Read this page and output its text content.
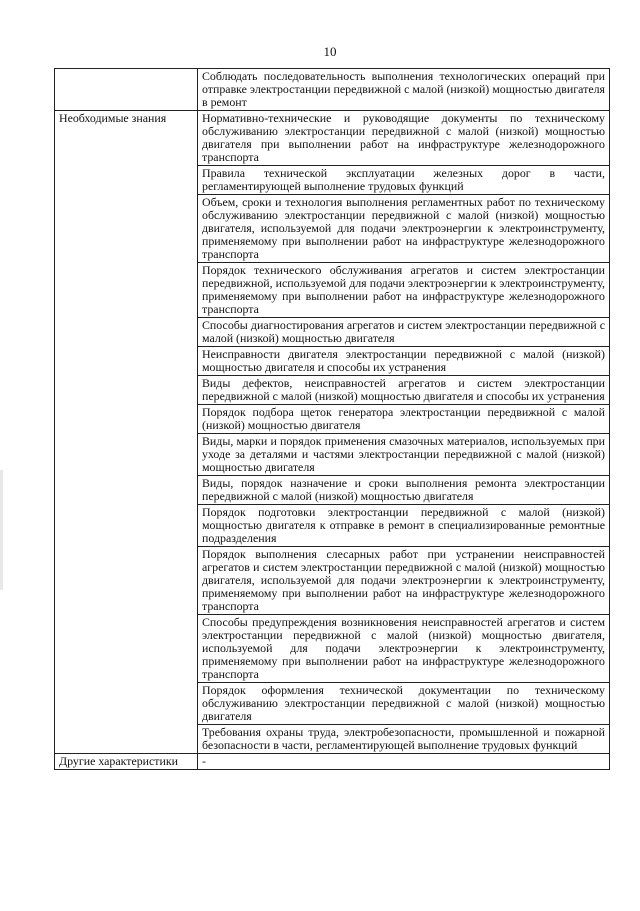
10
	Соблюдать последовательность выполнения технологических операций при отправке электростанции передвижной с малой (низкой) мощностью двигателя в ремонт
Необходимые знания	Нормативно-технические и руководящие документы по техническому обслуживанию электростанции передвижной с малой (низкой) мощностью двигателя при выполнении работ на инфраструктуре железнодорожного транспорта
	Правила технической эксплуатации железных дорог в части, регламентирующей выполнение трудовых функций
	Объем, сроки и технология выполнения регламентных работ по техническому обслуживанию электростанции передвижной с малой (низкой) мощностью двигателя, используемой для подачи электроэнергии к электроинструменту, применяемому при выполнении работ на инфраструктуре железнодорожного транспорта
	Порядок технического обслуживания агрегатов и систем электростанции передвижной, используемой для подачи электроэнергии к электроинструменту, применяемому при выполнении работ на инфраструктуре железнодорожного транспорта
	Способы диагностирования агрегатов и систем электростанции передвижной с малой (низкой) мощностью двигателя
	Неисправности двигателя электростанции передвижной с малой (низкой) мощностью двигателя и способы их устранения
	Виды дефектов, неисправностей агрегатов и систем электростанции передвижной с малой (низкой) мощностью двигателя и способы их устранения
	Порядок подбора щеток генератора электростанции передвижной с малой (низкой) мощностью двигателя
	Виды, марки и порядок применения смазочных материалов, используемых при уходе за деталями и частями электростанции передвижной с малой (низкой) мощностью двигателя
	Виды, порядок назначение и сроки выполнения ремонта электростанции передвижной с малой (низкой) мощностью двигателя
	Порядок подготовки электростанции передвижной с малой (низкой) мощностью двигателя к отправке в ремонт в специализированные ремонтные подразделения
	Порядок выполнения слесарных работ при устранении неисправностей агрегатов и систем электростанции передвижной с малой (низкой) мощностью двигателя, используемой для подачи электроэнергии к электроинструменту, применяемому при выполнении работ на инфраструктуре железнодорожного транспорта
	Способы предупреждения возникновения неисправностей агрегатов и систем электростанции передвижной с малой (низкой) мощностью двигателя, используемой для подачи электроэнергии к электроинструменту, применяемому при выполнении работ на инфраструктуре железнодорожного транспорта
	Порядок оформления технической документации по техническому обслуживанию электростанции передвижной с малой (низкой) мощностью двигателя
	Требования охраны труда, электробезопасности, промышленной и пожарной безопасности в части, регламентирующей выполнение трудовых функций
Другие характеристики	-
